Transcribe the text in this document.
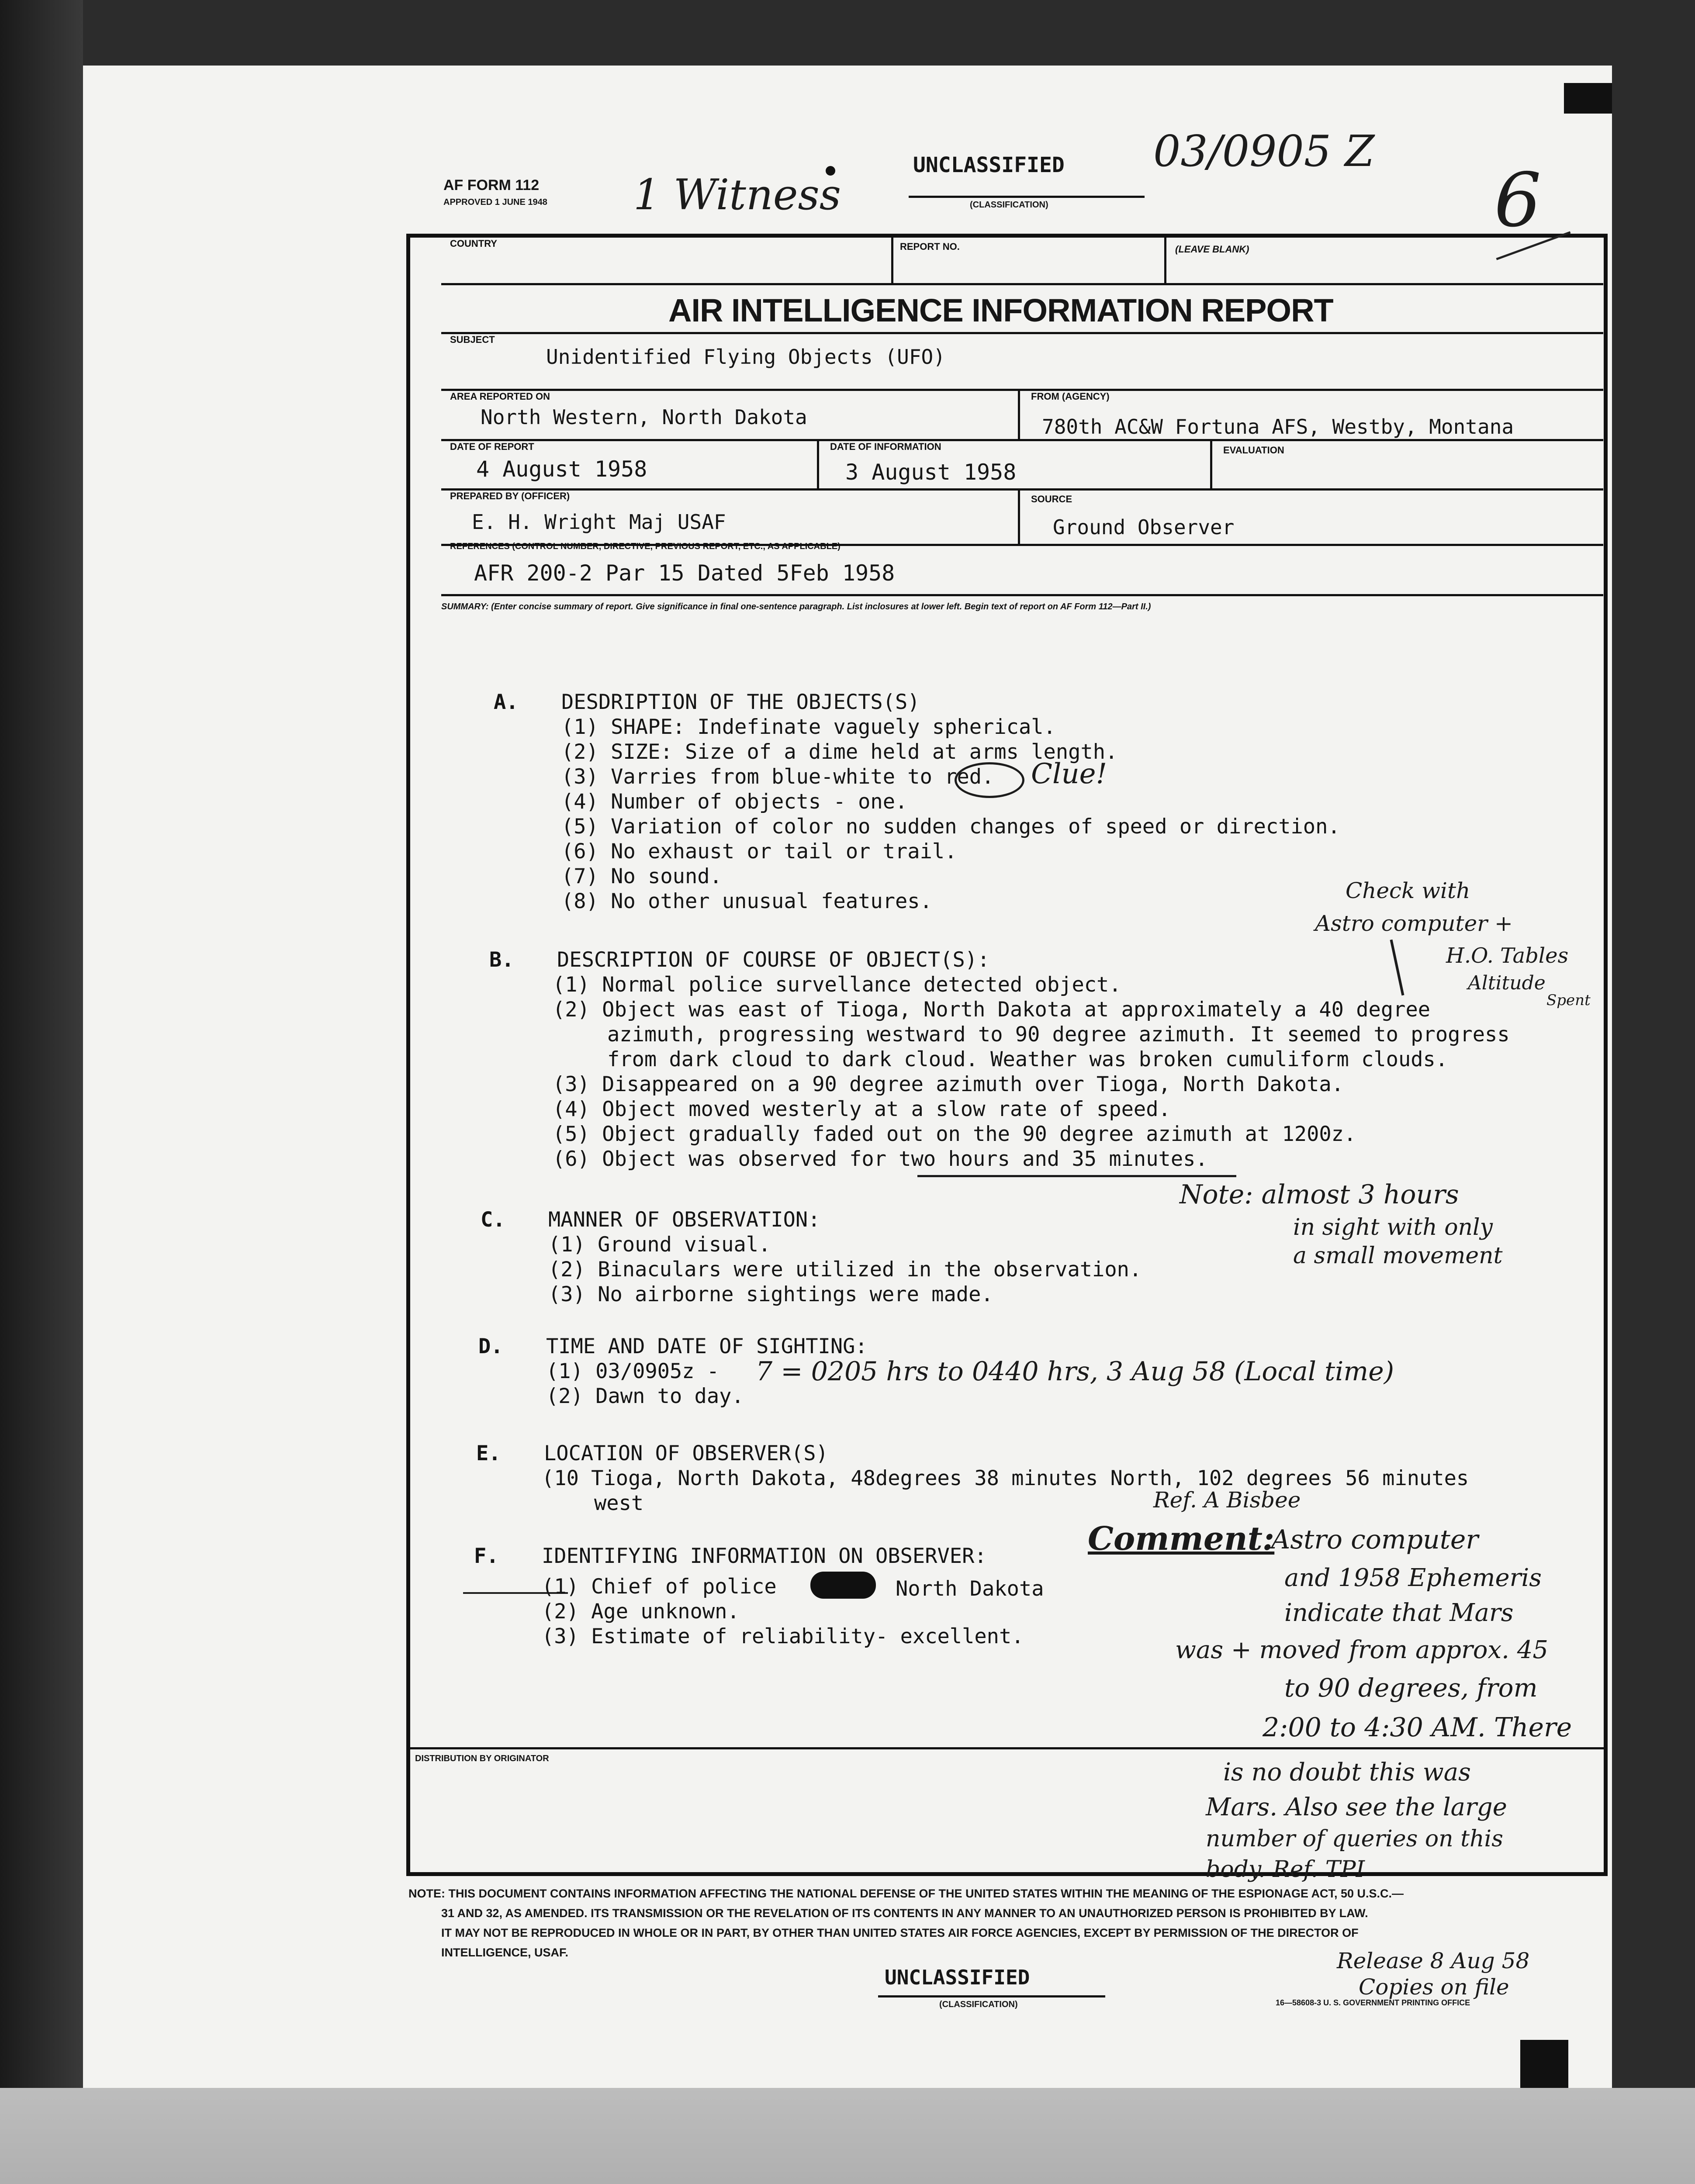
AF FORM 112
APPROVED 1 JUNE 1948 1 Witness
UNCLASSIFIED
(CLASSIFICATION)
03/0905 Z
6
COUNTRY	REPORT NO.	(LEAVE BLANK)
AIR INTELLIGENCE INFORMATION REPORT
SUBJECT
Unidentified Flying Objects (UFO)
AREA REPORTED ON
North Western, North Dakota
FROM (AGENCY)
780th AC&W Fortuna AFS, Westby, Montana
DATE OF REPORT
4 August 1958
DATE OF INFORMATION
3 August 1958
EVALUATION
PREPARED BY (OFFICER)
E. H. Wright Maj USAF
SOURCE
Ground Observer
REFERENCES (CONTROL NUMBER, DIRECTIVE, PREVIOUS REPORT, ETC., AS APPLICABLE)
AFR 200-2 Par 15 Dated 5Feb 1958
SUMMARY: (Enter concise summary of report. Give significance in final one-sentence paragraph. List inclosures at lower left. Begin text of report on AF Form 112—Part II.)
A. DESDRIPTION OF THE OBJECTS(S)
(1) SHAPE: Indefinate vaguely spherical.
(2) SIZE: Size of a dime held at arms length.
(3) Varries from blue-white to red.
(4) Number of objects - one.
(5) Variation of color no sudden changes of speed or direction.
(6) No exhaust or tail or trail.
(7) No sound.
(8) No other unusual features.
Clue!
B. DESCRIPTION OF COURSE OF OBJECT(S):
(1) Normal police survellance detected object.
(2) Object was east of Tioga, North Dakota at approximately a 40 degree
azimuth, progressing westward to 90 degree azimuth. It seemed to progress
from dark cloud to dark cloud. Weather was broken cumuliform clouds.
(3) Disappeared on a 90 degree azimuth over Tioga, North Dakota.
(4) Object moved westerly at a slow rate of speed.
(5) Object gradually faded out on the 90 degree azimuth at 1200z.
(6) Object was observed for two hours and 35 minutes.
Check with
Astro computer +
H.O. Tables
Altitude
Spent
C. MANNER OF OBSERVATION:
(1) Ground visual.
(2) Binaculars were utilized in the observation.
(3) No airborne sightings were made.
Note: almost 3 hours
in sight with only
a small movement
D. TIME AND DATE OF SIGHTING:
(1) 03/0905z -
(2) Dawn to day.
7 = 0205 hrs to 0440 hrs, 3 Aug 58 (Local time)
E. LOCATION OF OBSERVER(S)
(10 Tioga, North Dakota, 48degrees 38 minutes North, 102 degrees 56 minutes
west	Ref. A Bisbee
F. IDENTIFYING INFORMATION ON OBSERVER:
(1) Chief of police	North Dakota
(2) Age unknown.
(3) Estimate of reliability- excellent.
Comment:
Astro computer
and 1958 Ephemeris
indicate that Mars
was + moved from approx. 45
to 90 degrees, from
2:00 to 4:30 AM. There
is no doubt this was
Mars. Also see the large
number of queries on this
body. Ref. TPI
DISTRIBUTION BY ORIGINATOR
NOTE: THIS DOCUMENT CONTAINS INFORMATION AFFECTING THE NATIONAL DEFENSE OF THE UNITED STATES WITHIN THE MEANING OF THE ESPIONAGE ACT, 50 U.S.C.—
31 AND 32, AS AMENDED. ITS TRANSMISSION OR THE REVELATION OF ITS CONTENTS IN ANY MANNER TO AN UNAUTHORIZED PERSON IS PROHIBITED BY LAW.
IT MAY NOT BE REPRODUCED IN WHOLE OR IN PART, BY OTHER THAN UNITED STATES AIR FORCE AGENCIES, EXCEPT BY PERMISSION OF THE DIRECTOR OF
INTELLIGENCE, USAF.
UNCLASSIFIED
(CLASSIFICATION)	16—58608-3 U. S. GOVERNMENT PRINTING OFFICE
Release 8 Aug 58
Copies on file
